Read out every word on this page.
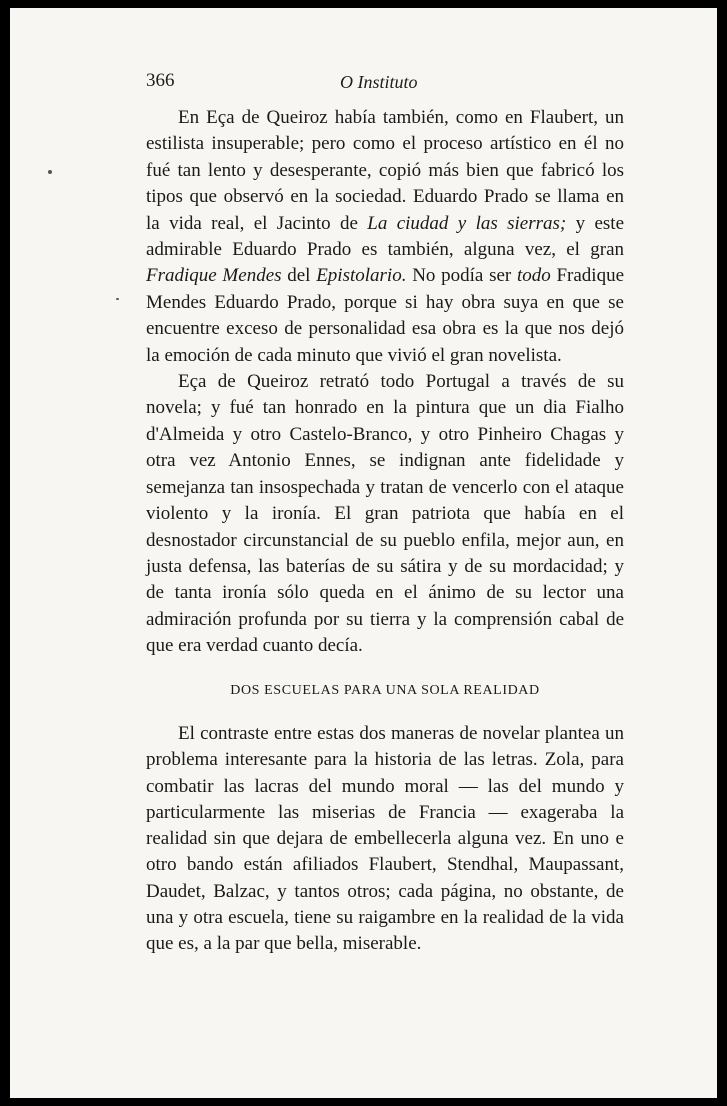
366	O Instituto

En Eça de Queiroz había también, como en Flaubert, un estilista insuperable; pero como el proceso artístico en él no fué tan lento y desesperante, copió más bien que fabricó los tipos que observó en la sociedad. Eduardo Prado se llama en la vida real, el Jacinto de La ciudad y las sierras; y este admirable Eduardo Prado es también, alguna vez, el gran Fradique Mendes del Epistolario. No podía ser todo Fradique Mendes Eduardo Prado, porque si hay obra suya en que se encuentre exceso de personalidad esa obra es la que nos dejó la emoción de cada minuto que vivió el gran novelista.

Eça de Queiroz retrató todo Portugal a través de su novela; y fué tan honrado en la pintura que un dia Fialho d'Almeida y otro Castelo-Branco, y otro Pinheiro Chagas y otra vez Antonio Ennes, se indignan ante fidelidade y semejanza tan insospechada y tratan de vencerlo con el ataque violento y la ironía. El gran patriota que había en el desnostador circunstancial de su pueblo enfila, mejor aun, en justa defensa, las baterías de su sátira y de su mordacidad; y de tanta ironía sólo queda en el ánimo de su lector una admiración profunda por su tierra y la comprensión cabal de que era verdad cuanto decía.

DOS ESCUELAS PARA UNA SOLA REALIDAD

El contraste entre estas dos maneras de novelar plantea un problema interesante para la historia de las letras. Zola, para combatir las lacras del mundo moral — las del mundo y particularmente las miserias de Francia — exageraba la realidad sin que dejara de embellecerla alguna vez. En uno e otro bando están afiliados Flaubert, Stendhal, Maupassant, Daudet, Balzac, y tantos otros; cada página, no obstante, de una y otra escuela, tiene su raigambre en la realidad de la vida que es, a la par que bella, miserable.
